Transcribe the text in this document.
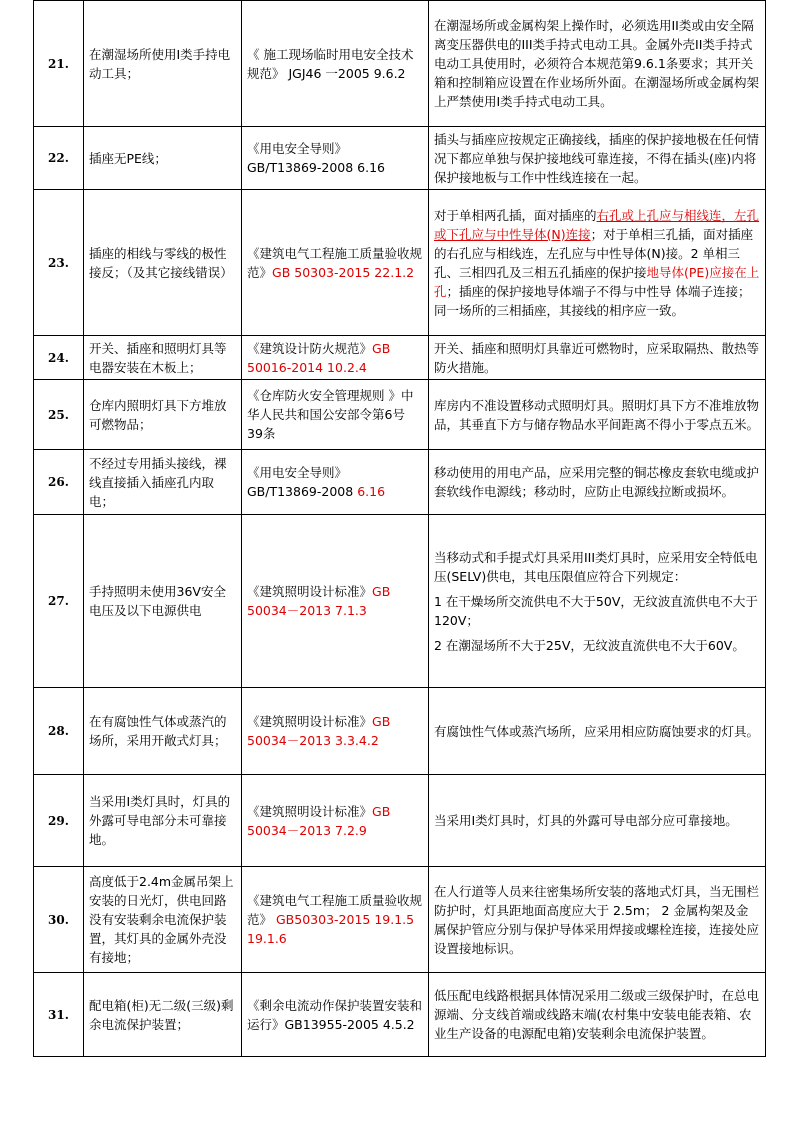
21.	在潮湿场所使用Ⅰ类手持电动工具；	《 施工现场临时用电安全技术规范》 JGJ46 一2005 9.6.2	在潮湿场所或金属构架上操作时，必须选用II类或由安全隔离变压器供电的III类手持式电动工具。金属外壳II类手持式电动工具使用时，必须符合本规范第9.6.1条要求；其开关箱和控制箱应设置在作业场所外面。在潮湿场所或金属构架上严禁使用Ⅰ类手持式电动工具。
22.	插座无PE线；	《用电安全导则》 GB/T13869-2008 6.16	插头与插座应按规定正确接线，插座的保护接地极在任何情况下都应单独与保护接地线可靠连接，不得在插头(座)内将保护接地板与工作中性线连接在一起。
23.	插座的相线与零线的极性接反；（及其它接线错误）	《建筑电气工程施工质量验收规范》GB 50303-2015 22.1.2	对于单相两孔插，面对插座的右孔或上孔应与相线连，左孔或下孔应与中性导体(N)连接；对于单相三孔插，面对插座的右孔应与相线连，左孔应与中性导体(N)接。2 单相三孔、三相四孔及三相五孔插座的保护接地导体(PE)应接在上孔；插座的保护接地导体端子不得与中性导 体端子连接；同一场所的三相插座，其接线的相序应一致。
24.	开关、插座和照明灯具等电器安装在木板上；	《建筑设计防火规范》GB 50016-2014 10.2.4	开关、插座和照明灯具靠近可燃物时，应采取隔热、散热等防火措施。
25.	仓库内照明灯具下方堆放可燃物品；	《仓库防火安全管理规则 》中华人民共和国公安部令第6号 39条	库房内不准设置移动式照明灯具。照明灯具下方不准堆放物品，其垂直下方与储存物品水平间距离不得小于零点五米。
26.	不经过专用插头接线，裸线直接插入插座孔内取电；	《用电安全导则》 GB/T13869-2008 6.16	移动使用的用电产品，应采用完整的铜芯橡皮套软电缆或护套软线作电源线；移动时，应防止电源线拉断或损坏。
27.	手持照明未使用36V安全电压及以下电源供电	《建筑照明设计标准》GB 50034－2013 7.1.3	当移动式和手提式灯具采用III类灯具时，应采用安全特低电压(SELV)供电，其电压限值应符合下列规定：
1 在干燥场所交流供电不大于50V，无纹波直流供电不大于120V；
2 在潮湿场所不大于25V，无纹波直流供电不大于60V。

28.	在有腐蚀性气体或蒸汽的场所，采用开敞式灯具；	《建筑照明设计标准》GB 50034－2013 3.3.4.2	有腐蚀性气体或蒸汽场所，应采用相应防腐蚀要求的灯具。
29.	当采用Ⅰ类灯具时，灯具的外露可导电部分未可靠接地。	《建筑照明设计标准》GB 50034－2013 7.2.9	当采用Ⅰ类灯具时，灯具的外露可导电部分应可靠接地。
30.	高度低于2.4m金属吊架上安装的日光灯，供电回路没有安装剩余电流保护装置，其灯具的金属外壳没有接地；	《建筑电气工程施工质量验收规范》 GB50303-2015 19.1.5 19.1.6	在人行道等人员来往密集场所安装的落地式灯具，当无围栏防护时，灯具距地面高度应大于 2.5m； 2 金属构架及金属保护管应分别与保护导体采用焊接或螺栓连接，连接处应设置接地标识。
31.	配电箱(柜)无二级(三级)剩余电流保护装置；	《剩余电流动作保护装置安装和运行》GB13955-2005 4.5.2	低压配电线路根据具体情况采用二级或三级保护时，在总电源端、分支线首端或线路末端(农村集中安装电能表箱、农业生产设备的电源配电箱)安装剩余电流保护装置。
